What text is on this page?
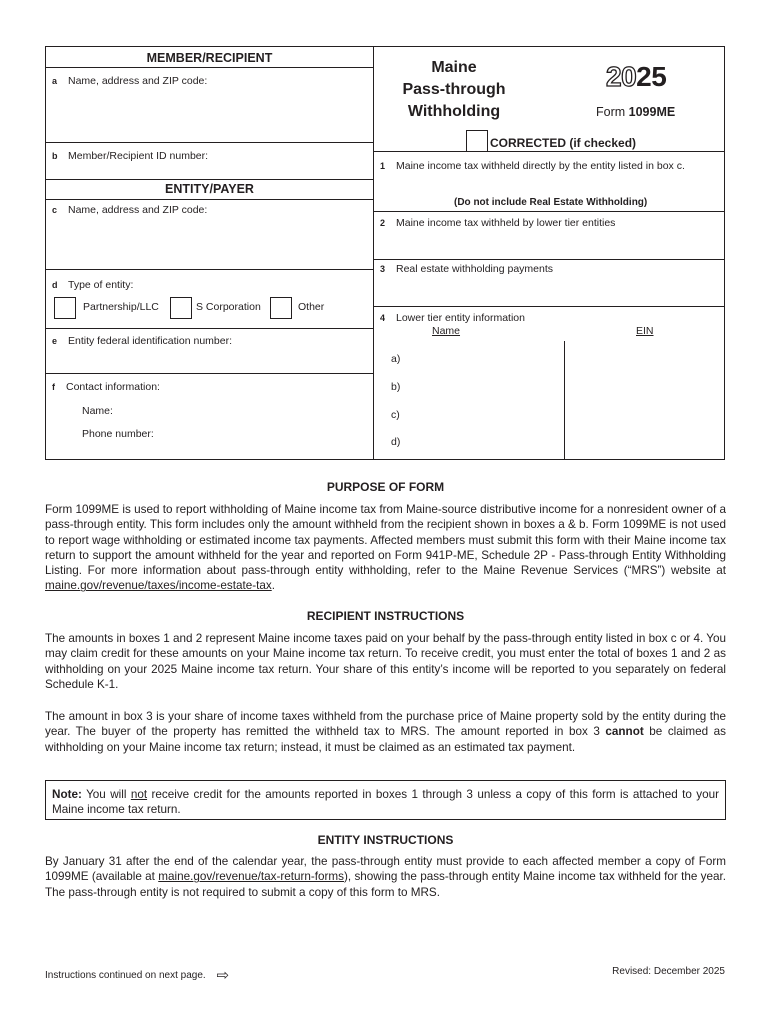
MEMBER/RECIPIENT
a Name, address and ZIP code:
b Member/Recipient ID number:
ENTITY/PAYER
c Name, address and ZIP code:
d Type of entity:
Partnership/LLC	S Corporation	Other
e Entity federal identification number:
f Contact information:
Name:
Phone number:
Maine
Pass-through
Withholding
2025
Form 1099ME
CORRECTED (if checked)
1 Maine income tax withheld directly by the entity listed in box c.
(Do not include Real Estate Withholding)
2 Maine income tax withheld by lower tier entities
3 Real estate withholding payments
4 Lower tier entity information
Name	EIN
a)
b)
c)
d)
PURPOSE OF FORM
Form 1099ME is used to report withholding of Maine income tax from Maine-source distributive income for a nonresident owner of a pass-through entity. This form includes only the amount withheld from the recipient shown in boxes a & b. Form 1099ME is not used to report wage withholding or estimated income tax payments. Affected members must submit this form with their Maine income tax return to support the amount withheld for the year and reported on Form 941P-ME, Schedule 2P - Pass-through Entity Withholding Listing. For more information about pass-through entity withholding, refer to the Maine Revenue Services (“MRS”) website at maine.gov/revenue/taxes/income-estate-tax.
RECIPIENT INSTRUCTIONS
The amounts in boxes 1 and 2 represent Maine income taxes paid on your behalf by the pass-through entity listed in box c or 4. You may claim credit for these amounts on your Maine income tax return. To receive credit, you must enter the total of boxes 1 and 2 as withholding on your 2025 Maine income tax return. Your share of this entity’s income will be reported to you separately on federal Schedule K-1.
The amount in box 3 is your share of income taxes withheld from the purchase price of Maine property sold by the entity during the year. The buyer of the property has remitted the withheld tax to MRS. The amount reported in box 3 cannot be claimed as withholding on your Maine income tax return; instead, it must be claimed as an estimated tax payment.
Note: You will not receive credit for the amounts reported in boxes 1 through 3 unless a copy of this form is attached to your Maine income tax return.
ENTITY INSTRUCTIONS
By January 31 after the end of the calendar year, the pass-through entity must provide to each affected member a copy of Form 1099ME (available at maine.gov/revenue/tax-return-forms), showing the pass-through entity Maine income tax withheld for the year. The pass-through entity is not required to submit a copy of this form to MRS.
Instructions continued on next page. ⇨	Revised: December 2025
